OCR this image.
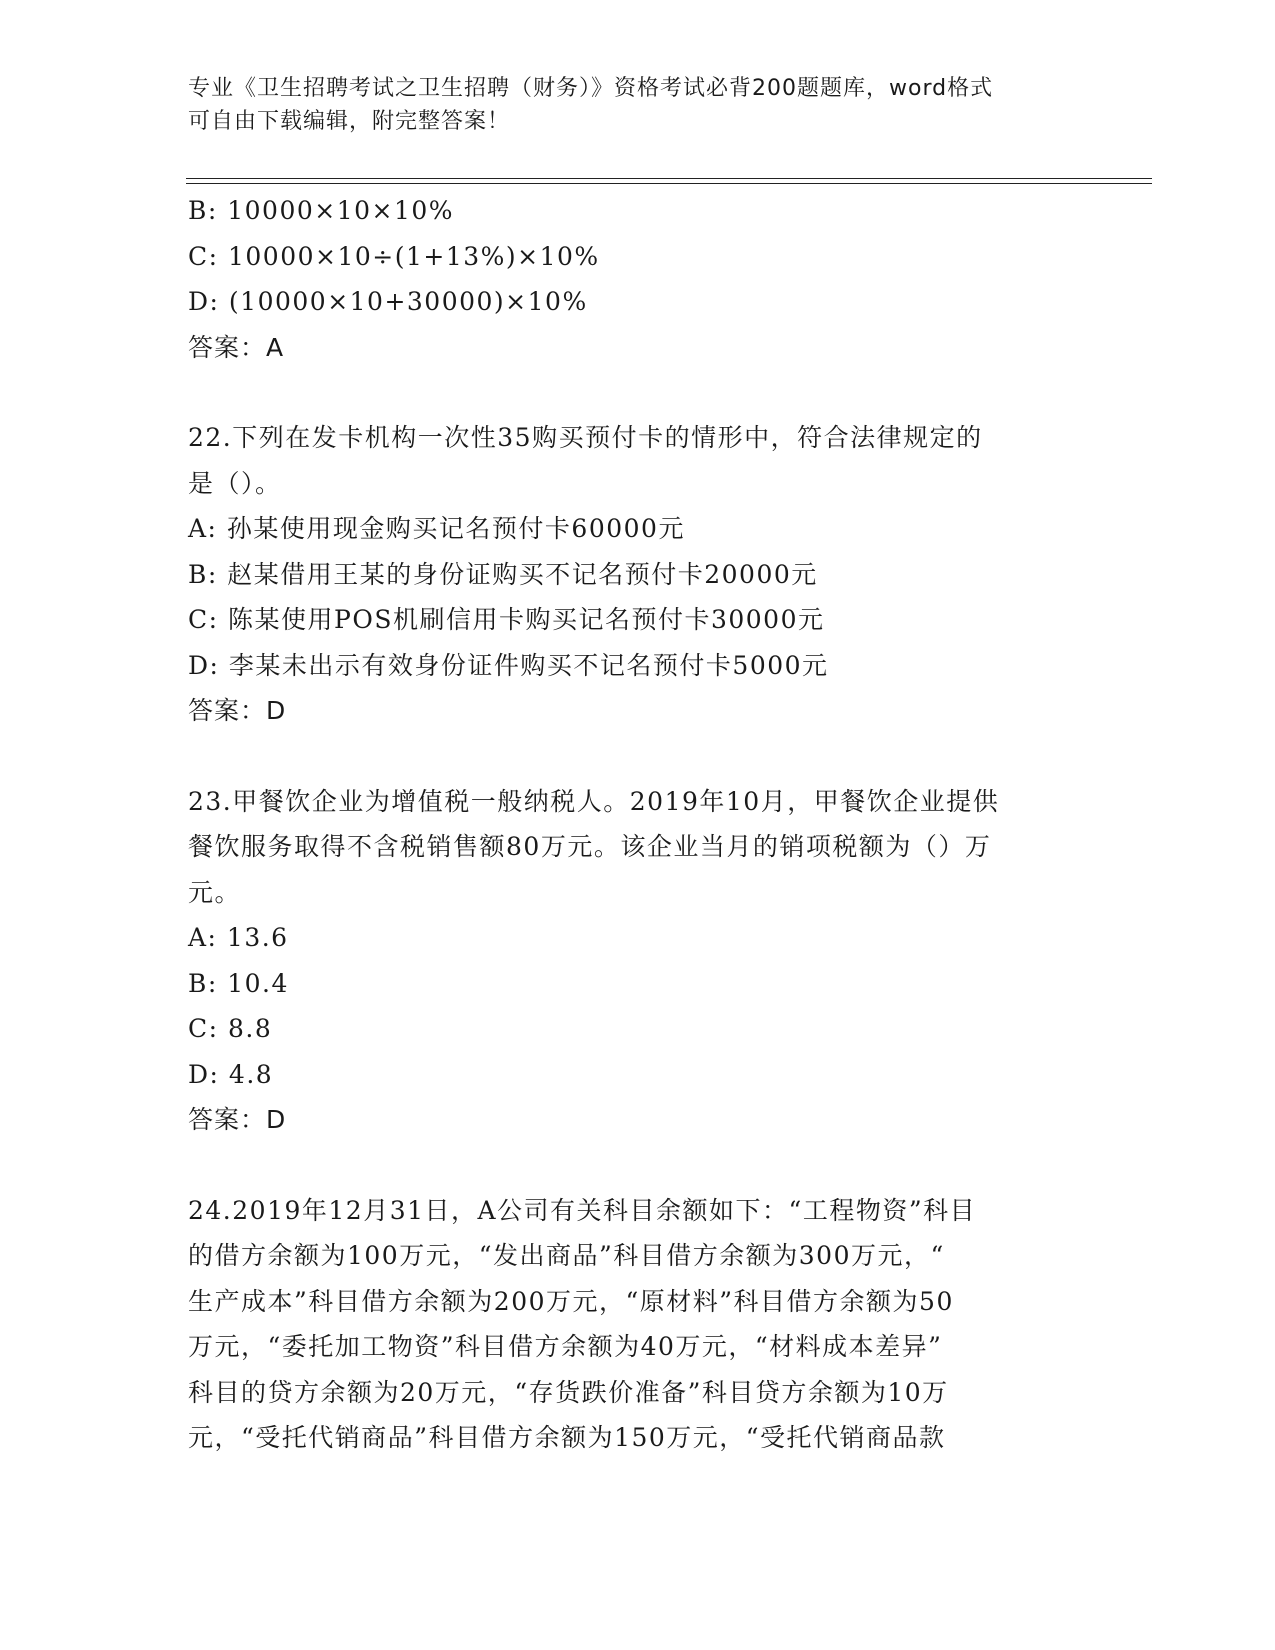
专业《卫生招聘考试之卫生招聘（财务）》资格考试必背200题题库，word格式
可自由下载编辑，附完整答案！
B: 10000×10×10%
C: 10000×10÷(1+13%)×10%
D: (10000×10+30000)×10%
答案：A
22.下列在发卡机构一次性35购买预付卡的情形中，符合法律规定的
是（）。
A: 孙某使用现金购买记名预付卡60000元
B: 赵某借用王某的身份证购买不记名预付卡20000元
C: 陈某使用POS机刷信用卡购买记名预付卡30000元
D: 李某未出示有效身份证件购买不记名预付卡5000元
答案：D
23.甲餐饮企业为增值税一般纳税人。2019年10月，甲餐饮企业提供
餐饮服务取得不含税销售额80万元。该企业当月的销项税额为（）万
元。
A: 13.6
B: 10.4
C: 8.8
D: 4.8
答案：D
24.2019年12月31日，A公司有关科目余额如下：“工程物资”科目
的借方余额为100万元，“发出商品”科目借方余额为300万元，“
生产成本”科目借方余额为200万元，“原材料”科目借方余额为50
万元，“委托加工物资”科目借方余额为40万元，“材料成本差异”
科目的贷方余额为20万元，“存货跌价准备”科目贷方余额为10万
元，“受托代销商品”科目借方余额为150万元，“受托代销商品款
